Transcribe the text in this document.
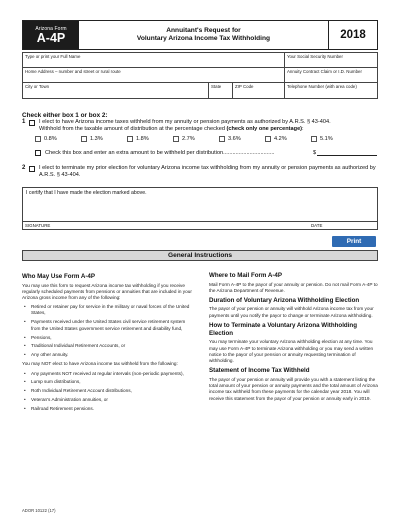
Arizona Form
A-4P	Annuitant's Request for
Voluntary Arizona Income Tax Withholding	2018
Type or print your Full Name	Your Social Security Number
Home Address – number and street or rural route	Annuity Contract Claim or I.D. Number
City or Town	State	ZIP Code	Telephone Number (with area code)
Check either box 1 or box 2:
1 I elect to have Arizona income taxes withheld from my annuity or pension payments as authorized by A.R.S. § 43-404.
Withhold from the taxable amount of distribution at the percentage checked (check only one percentage):
0.8%	1.3%	1.8%	2.7%	3.6%	4.2%	5.1%
Check this box and enter an extra amount to be withheld per distribution.................................	$
2 I elect to terminate my prior election for voluntary Arizona income tax withholding from my annuity or pension payments as authorized by A.R.S. § 43-404.
I certify that I have made the election marked above.
SIGNATURE	DATE
Print
General Instructions
Who May Use Form A-4P

You may use this form to request Arizona income tax withholding if you receive regularly scheduled payments from pensions or annuities that are included in your Arizona gross income from any of the following:

• Retired or retainer pay for service in the military or naval forces of the United States,
• Payments received under the United States civil service retirement system from the United States government service retirement and disability fund,
• Pensions,
• Traditional Individual Retirement Accounts, or
• Any other annuity.

You may NOT elect to have Arizona income tax withheld from the following:

• Any payments NOT received at regular intervals (non-periodic payments),
• Lump sum distributions,
• Roth Individual Retirement Account distributions,
• Veteran's Administration annuities, or
• Railroad Retirement pensions.
Where to Mail Form A-4P

Mail Form A-4P to the payor of your annuity or pension. Do not mail Form A-4P to the Arizona Department of Revenue.

Duration of Voluntary Arizona Withholding Election

The payor of your pension or annuity will withhold Arizona income tax from your payments until you notify the payor to change or terminate Arizona withholding.

How to Terminate a Voluntary Arizona Withholding Election

You may terminate your voluntary Arizona withholding election at any time. You may use Form A-4P to terminate Arizona withholding or you may send a written notice to the payor of your pension or annuity requesting termination of withholding.

Statement of Income Tax Withheld

The payor of your pension or annuity will provide you with a statement listing the total amount of your pension or annuity payments and the total amount of Arizona income tax withheld from these payments for the calendar year 2018. You will receive this statement from the payor of your pension or annuity early in 2019.

ADOR 10122 (17)
